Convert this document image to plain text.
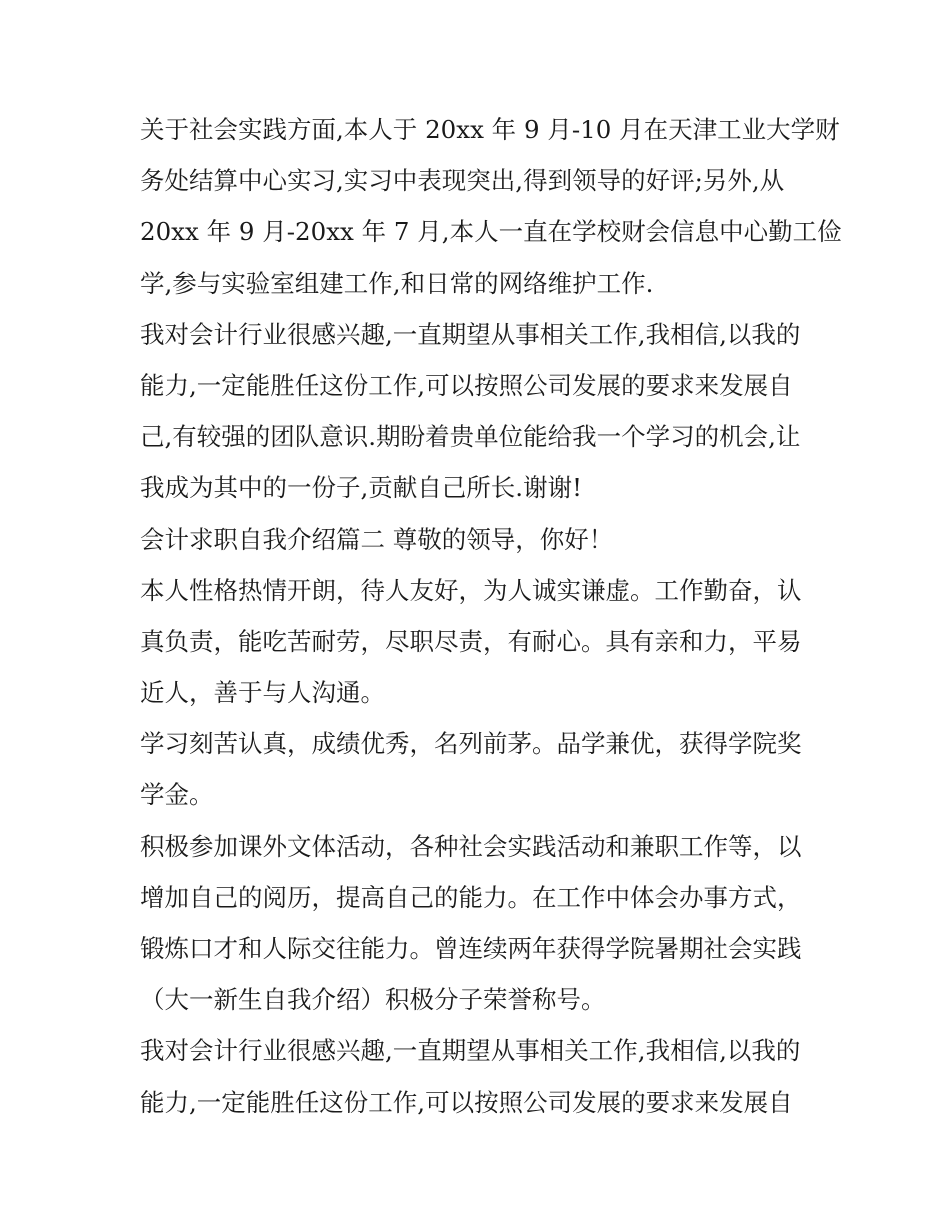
关于社会实践方面,本人于 20xx 年 9 月-10 月在天津工业大学财
务处结算中心实习,实习中表现突出,得到领导的好评;另外,从
20xx 年 9 月-20xx 年 7 月,本人一直在学校财会信息中心勤工俭
学,参与实验室组建工作,和日常的网络维护工作.
我对会计行业很感兴趣,一直期望从事相关工作,我相信,以我的
能力,一定能胜任这份工作,可以按照公司发展的要求来发展自
己,有较强的团队意识.期盼着贵单位能给我一个学习的机会,让
我成为其中的一份子,贡献自己所长.谢谢!
会计求职自我介绍篇二 尊敬的领导，你好！
本人性格热情开朗，待人友好，为人诚实谦虚。工作勤奋，认
真负责，能吃苦耐劳，尽职尽责，有耐心。具有亲和力，平易
近人，善于与人沟通。
学习刻苦认真，成绩优秀，名列前茅。品学兼优，获得学院奖
学金。
积极参加课外文体活动，各种社会实践活动和兼职工作等，以
增加自己的阅历，提高自己的能力。在工作中体会办事方式，
锻炼口才和人际交往能力。曾连续两年获得学院暑期社会实践
（大一新生自我介绍）积极分子荣誉称号。
我对会计行业很感兴趣,一直期望从事相关工作,我相信,以我的
能力,一定能胜任这份工作,可以按照公司发展的要求来发展自
